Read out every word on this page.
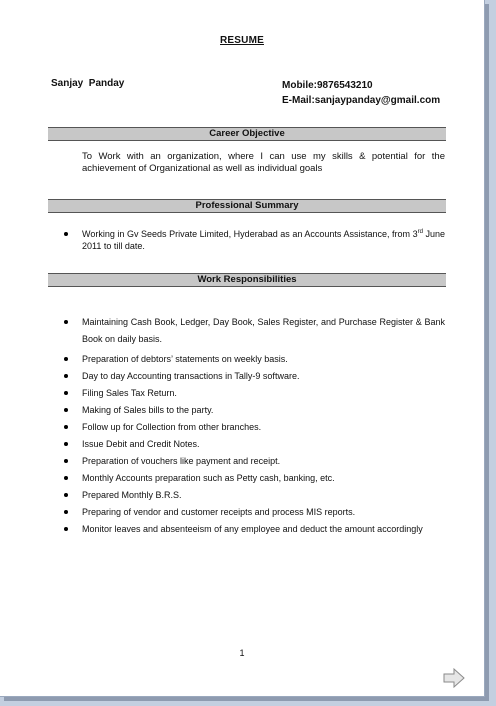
RESUME
Sanjay  Panday	Mobile:9876543210
E-Mail:sanjaypanday@gmail.com
Career Objective
To Work with an organization, where I can use my skills & potential for the achievement of Organizational as well as individual goals
Professional Summary
Working in Gv Seeds Private Limited, Hyderabad as an Accounts Assistance, from 3rd June 2011 to till date.
Work Responsibilities
Maintaining Cash Book, Ledger, Day Book, Sales Register, and Purchase Register & Bank Book on daily basis.
Preparation of debtors’ statements on weekly basis.
Day to day Accounting transactions in Tally-9 software.
Filing Sales Tax Return.
Making of Sales bills to the party.
Follow up for Collection from other branches.
Issue Debit and Credit Notes.
Preparation of vouchers like payment and receipt.
Monthly Accounts preparation such as Petty cash, banking, etc.
Prepared Monthly B.R.S.
Preparing of vendor and customer receipts and process MIS reports.
Monitor leaves and absenteeism of any employee and deduct the amount accordingly
1
